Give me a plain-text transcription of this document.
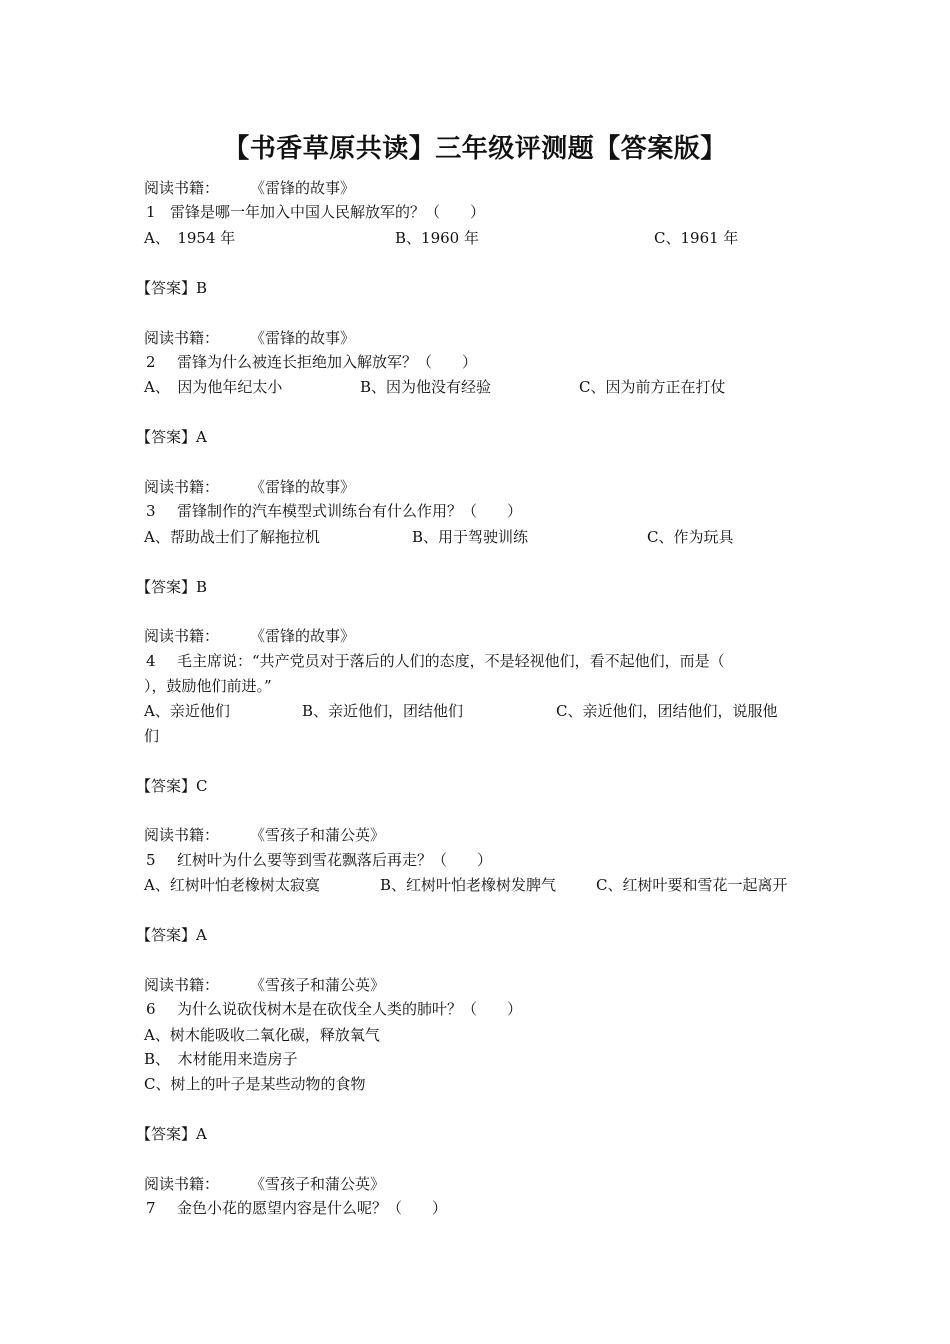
【书香草原共读】三年级评测题【答案版】
阅读书籍： 《雷锋的故事》
1 雷锋是哪一年加入中国人民解放军的？（　　）
A、　1954 年	B、1960 年	C、1961 年
【答案】B
阅读书籍： 《雷锋的故事》
2 雷锋为什么被连长拒绝加入解放军？（　　）
A、　因为他年纪太小	B、因为他没有经验	C、因为前方正在打仗
【答案】A
阅读书籍： 《雷锋的故事》
3 雷锋制作的汽车模型式训练台有什么作用？（　　）
A、帮助战士们了解拖拉机	B、用于驾驶训练	C、作为玩具
【答案】B
阅读书籍： 《雷锋的故事》
4 毛主席说：“共产党员对于落后的人们的态度，不是轻视他们，看不起他们，而是（
），鼓励他们前进。”
A、亲近他们	B、亲近他们，团结他们	C、亲近他们，团结他们，说服他
们
【答案】C
阅读书籍： 《雪孩子和蒲公英》
5 红树叶为什么要等到雪花飘落后再走？（　　）
A、红树叶怕老橡树太寂寞	B、红树叶怕老橡树发脾气	C、红树叶要和雪花一起离开
【答案】A
阅读书籍： 《雪孩子和蒲公英》
6 为什么说砍伐树木是在砍伐全人类的肺叶？（　　）
A、树木能吸收二氧化碳，释放氧气
B、　木材能用来造房子
C、树上的叶子是某些动物的食物
【答案】A
阅读书籍： 《雪孩子和蒲公英》
7 金色小花的愿望内容是什么呢？（　　）
